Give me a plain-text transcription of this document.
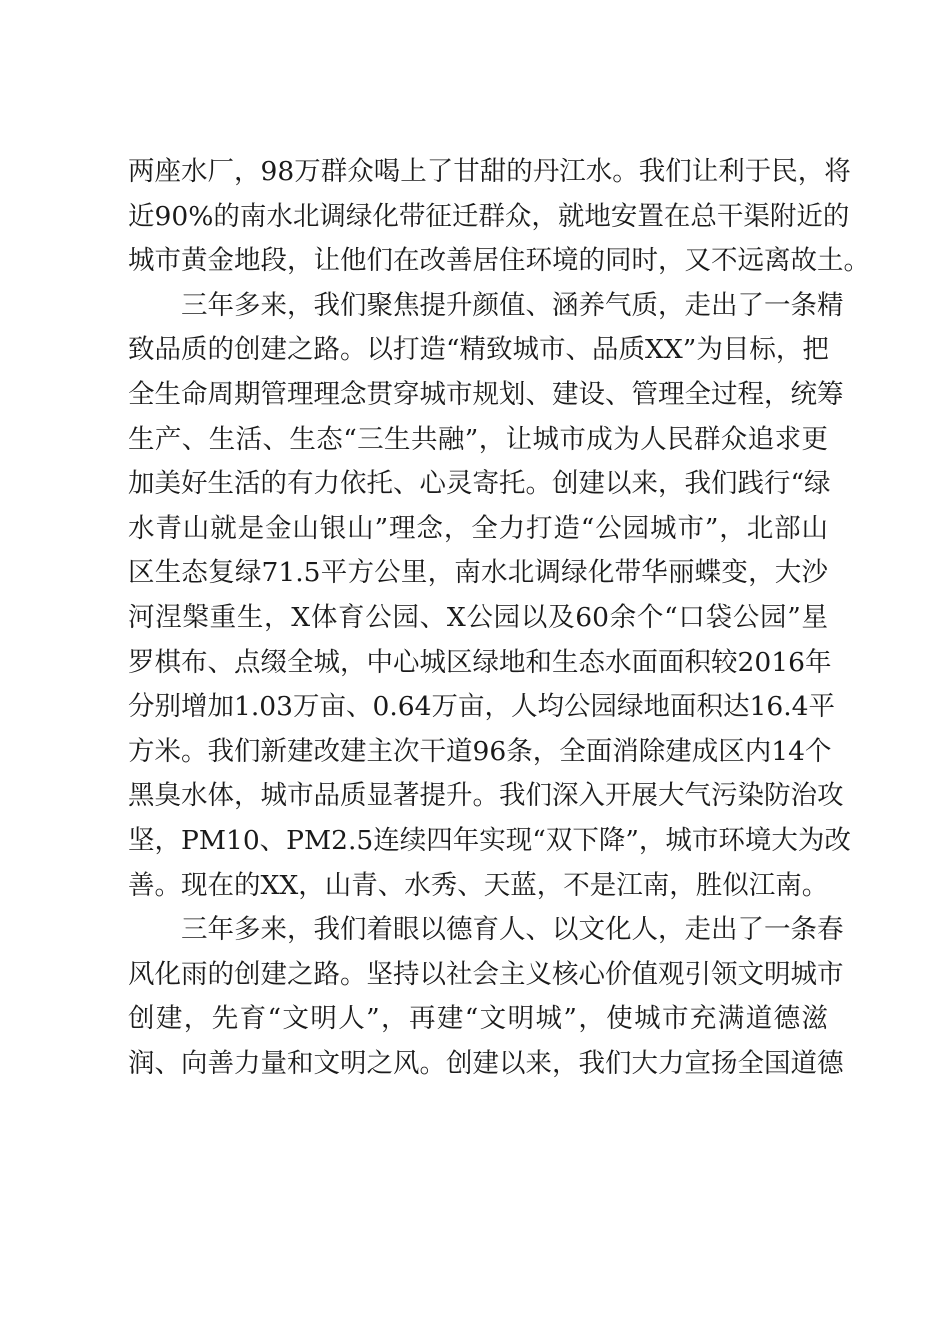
两座水厂，98万群众喝上了甘甜的丹江水。我们让利于民，将
近90%的南水北调绿化带征迁群众，就地安置在总干渠附近的
城市黄金地段，让他们在改善居住环境的同时，又不远离故土。
三年多来，我们聚焦提升颜值、涵养气质，走出了一条精
致品质的创建之路。以打造“精致城市、品质XX”为目标，把
全生命周期管理理念贯穿城市规划、建设、管理全过程，统筹
生产、生活、生态“三生共融”，让城市成为人民群众追求更
加美好生活的有力依托、心灵寄托。创建以来，我们践行“绿
水青山就是金山银山”理念，全力打造“公园城市”，北部山
区生态复绿71.5平方公里，南水北调绿化带华丽蝶变，大沙
河涅槃重生，X体育公园、X公园以及60余个“口袋公园”星
罗棋布、点缀全城，中心城区绿地和生态水面面积较2016年
分别增加1.03万亩、0.64万亩，人均公园绿地面积达16.4平
方米。我们新建改建主次干道96条，全面消除建成区内14个
黑臭水体，城市品质显著提升。我们深入开展大气污染防治攻
坚，PM10、PM2.5连续四年实现“双下降”，城市环境大为改
善。现在的XX，山青、水秀、天蓝，不是江南，胜似江南。
三年多来，我们着眼以德育人、以文化人，走出了一条春
风化雨的创建之路。坚持以社会主义核心价值观引领文明城市
创建，先育“文明人”，再建“文明城”，使城市充满道德滋
润、向善力量和文明之风。创建以来，我们大力宣扬全国道德
